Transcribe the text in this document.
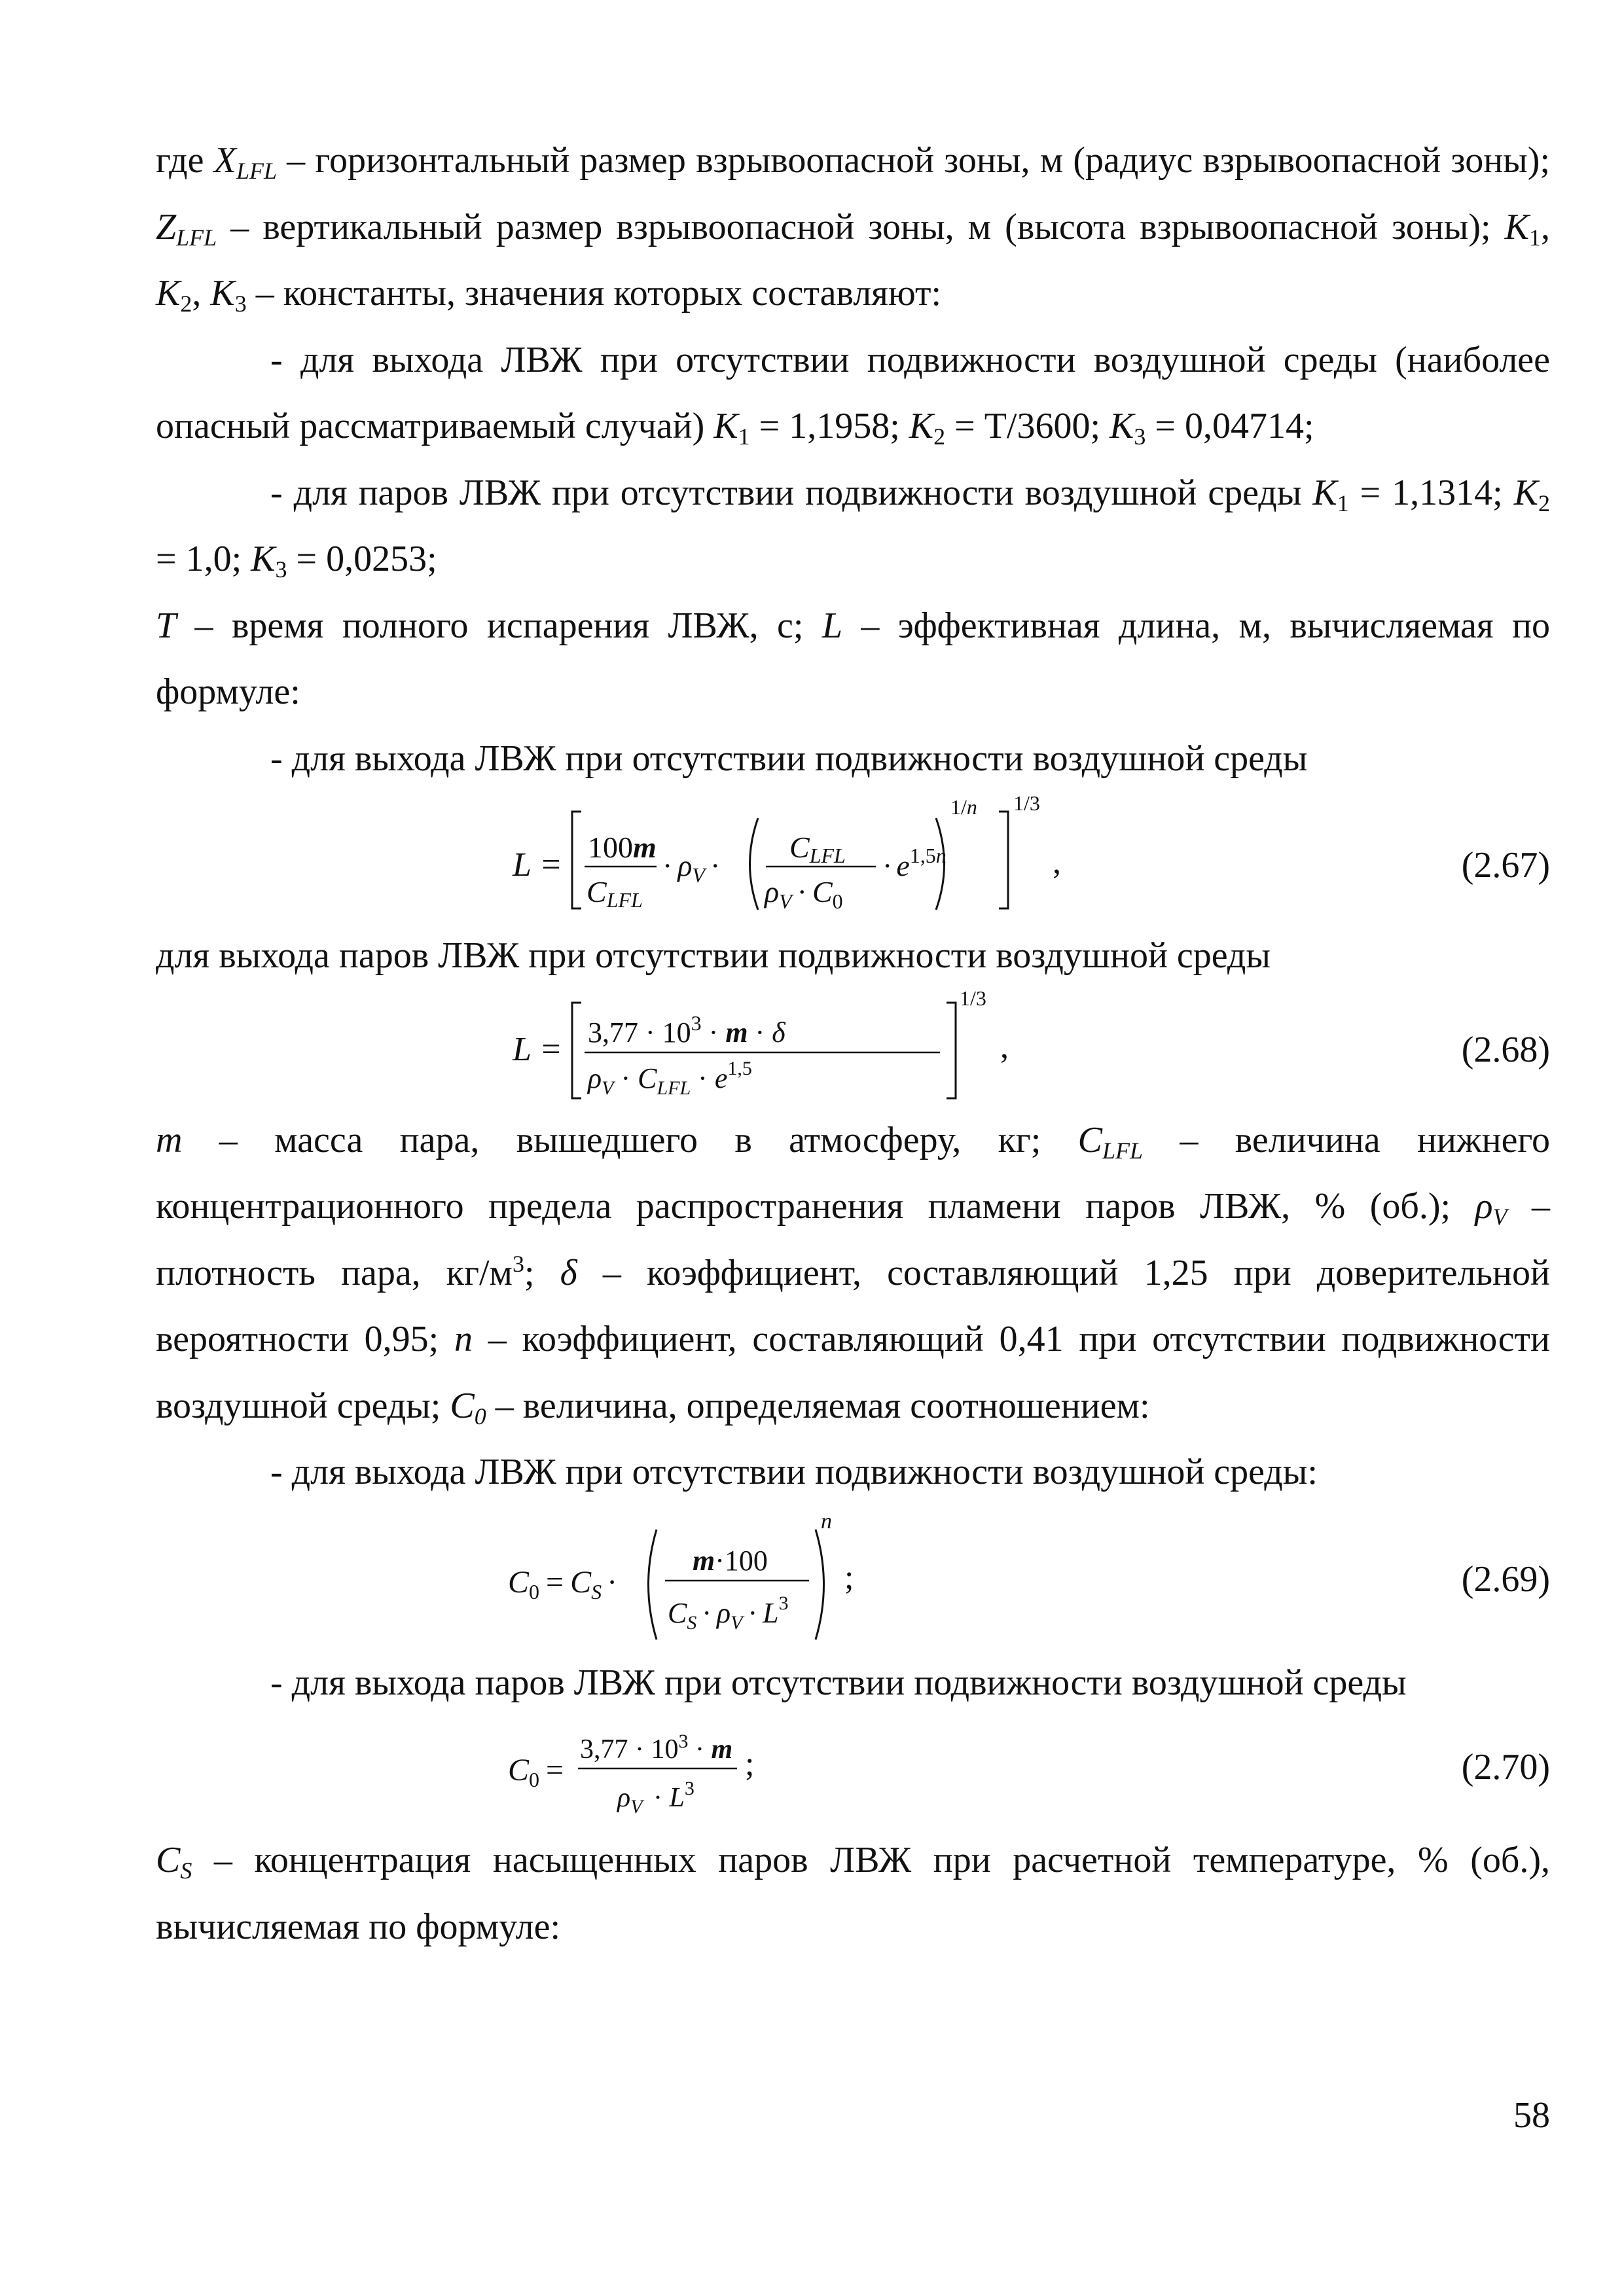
где $X_{LFL}$ – горизонтальный размер взрывоопасной зоны, м (радиус взрывоопасной зоны); $Z_{LFL}$ – вертикальный размер взрывоопасной зоны, м (высота взрывоопасной зоны); $K_1$, $K_2$, $K_3$ – константы, значения которых составляют:

- для выхода ЛВЖ при отсутствии подвижности воздушной среды (наиболее опасный рассматриваемый случай) $K_1 = 1,1958$; $K_2 = Т/3600$; $K_3 = 0,04714$;

- для паров ЛВЖ при отсутствии подвижности воздушной среды $K_1 = 1,1314$; $K_2 = 1,0$; $K_3 = 0,0253$;

T – время полного испарения ЛВЖ, с; L – эффективная длина, м, вычисляемая по формуле:

- для выхода ЛВЖ при отсутствии подвижности воздушной среды

L = 100m
CLFL
· $\rho_V$ ·
CLFL
$\rho_V \cdot C_0$
· $e^{1,5}n$
1/n 1/3
,	(2.67)

для выхода паров ЛВЖ при отсутствии подвижности воздушной среды

$L = 3,77 \cdot 10^3 \cdot m \cdot \delta$
$\rho_V \cdot C_{LFL} \cdot e^{1,5}$
1/3
,	(2.68)

m – масса пара, вышедшего в атмосферу, кг; $C_{LFL}$ – величина нижнего концентрационного предела распространения пламени паров ЛВЖ, % (об.); $\rho_V$ – плотность пара, $кг/м^3$; δ – коэффициент, составляющий 1,25 при доверительной вероятности 0,95; n – коэффициент, составляющий 0,41 при отсутствии подвижности воздушной среды; $C_0$ – величина, определяемая соотношением:

- для выхода ЛВЖ при отсутствии подвижности воздушной среды:

$C_0 = C_S$ ·
m·100
$C_S \cdot \rho_V \cdot L^3$
n
;	(2.69)

- для выхода паров ЛВЖ при отсутствии подвижности воздушной среды

$C_0$ =
$3,77 \cdot 10^3 \cdot m$
$\rho_V \cdot L^3$
;	(2.70)

$C_S$ – концентрация насыщенных паров ЛВЖ при расчетной температуре, % (об.), вычисляемая по формуле:

58
